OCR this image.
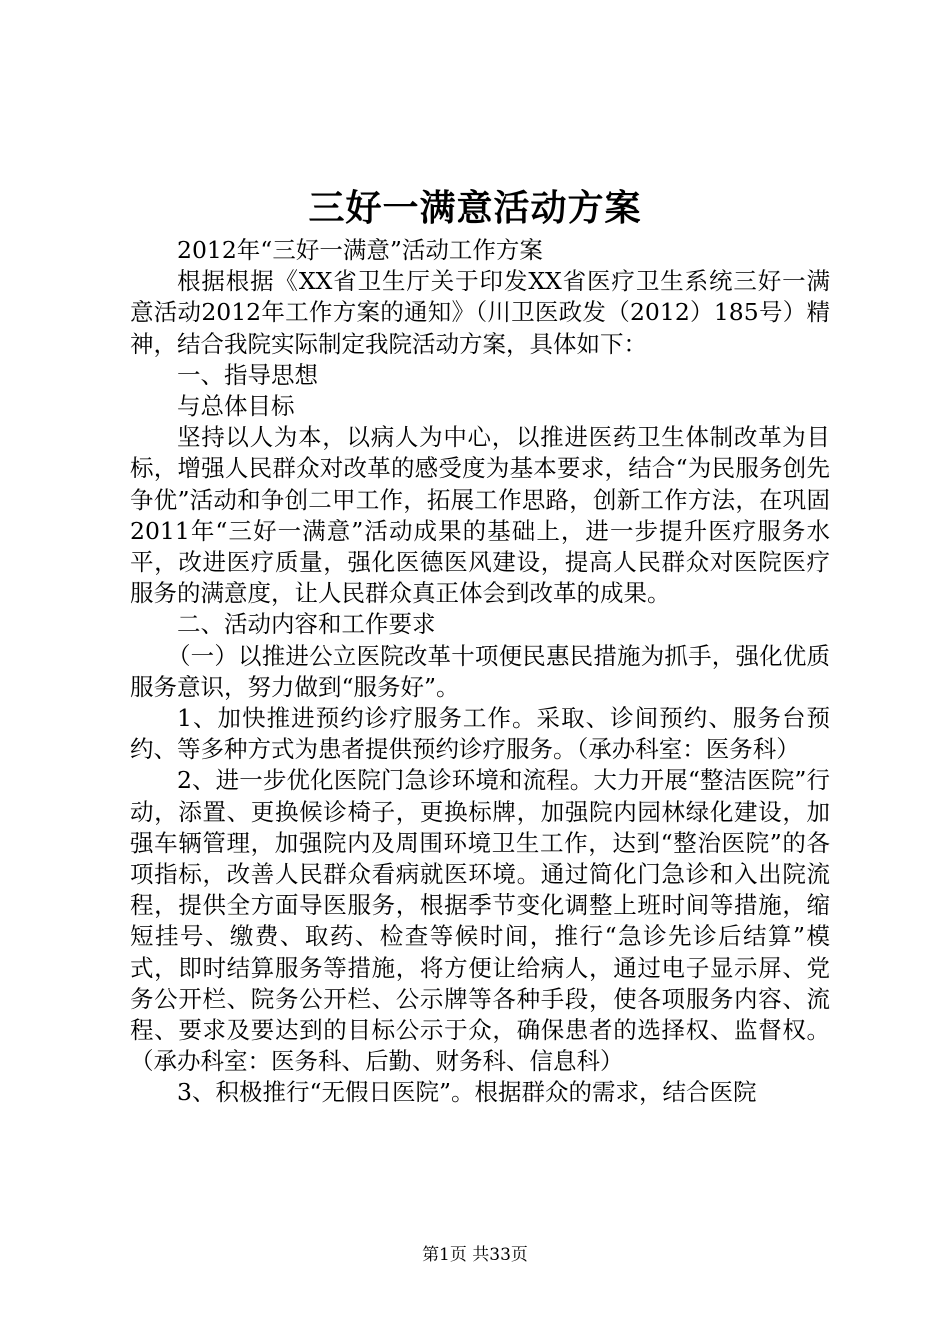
三好一满意活动方案

2012年“三好一满意”活动工作方案

根据根据《XX省卫生厅关于印发XX省医疗卫生系统三好一满意活动2012年工作方案的通知》（川卫医政发（2012）185号）精神，结合我院实际制定我院活动方案，具体如下：

一、指导思想

与总体目标

坚持以人为本，以病人为中心，以推进医药卫生体制改革为目标，增强人民群众对改革的感受度为基本要求，结合“为民服务创先争优”活动和争创二甲工作，拓展工作思路，创新工作方法，在巩固2011年“三好一满意”活动成果的基础上，进一步提升医疗服务水平，改进医疗质量，强化医德医风建设，提高人民群众对医院医疗服务的满意度，让人民群众真正体会到改革的成果。

二、活动内容和工作要求

（一）以推进公立医院改革十项便民惠民措施为抓手，强化优质服务意识，努力做到“服务好”。

1、加快推进预约诊疗服务工作。采取、诊间预约、服务台预约、等多种方式为患者提供预约诊疗服务。（承办科室：医务科）

2、进一步优化医院门急诊环境和流程。大力开展“整洁医院”行动，添置、更换候诊椅子，更换标牌，加强院内园林绿化建设，加强车辆管理，加强院内及周围环境卫生工作，达到“整治医院”的各项指标，改善人民群众看病就医环境。通过简化门急诊和入出院流程，提供全方面导医服务，根据季节变化调整上班时间等措施，缩短挂号、缴费、取药、检查等候时间，推行“急诊先诊后结算”模式，即时结算服务等措施，将方便让给病人，通过电子显示屏、党务公开栏、院务公开栏、公示牌等各种手段，使各项服务内容、流程、要求及要达到的目标公示于众，确保患者的选择权、监督权。（承办科室：医务科、后勤、财务科、信息科）

3、积极推行“无假日医院”。根据群众的需求，结合医院

第1页 共33页
